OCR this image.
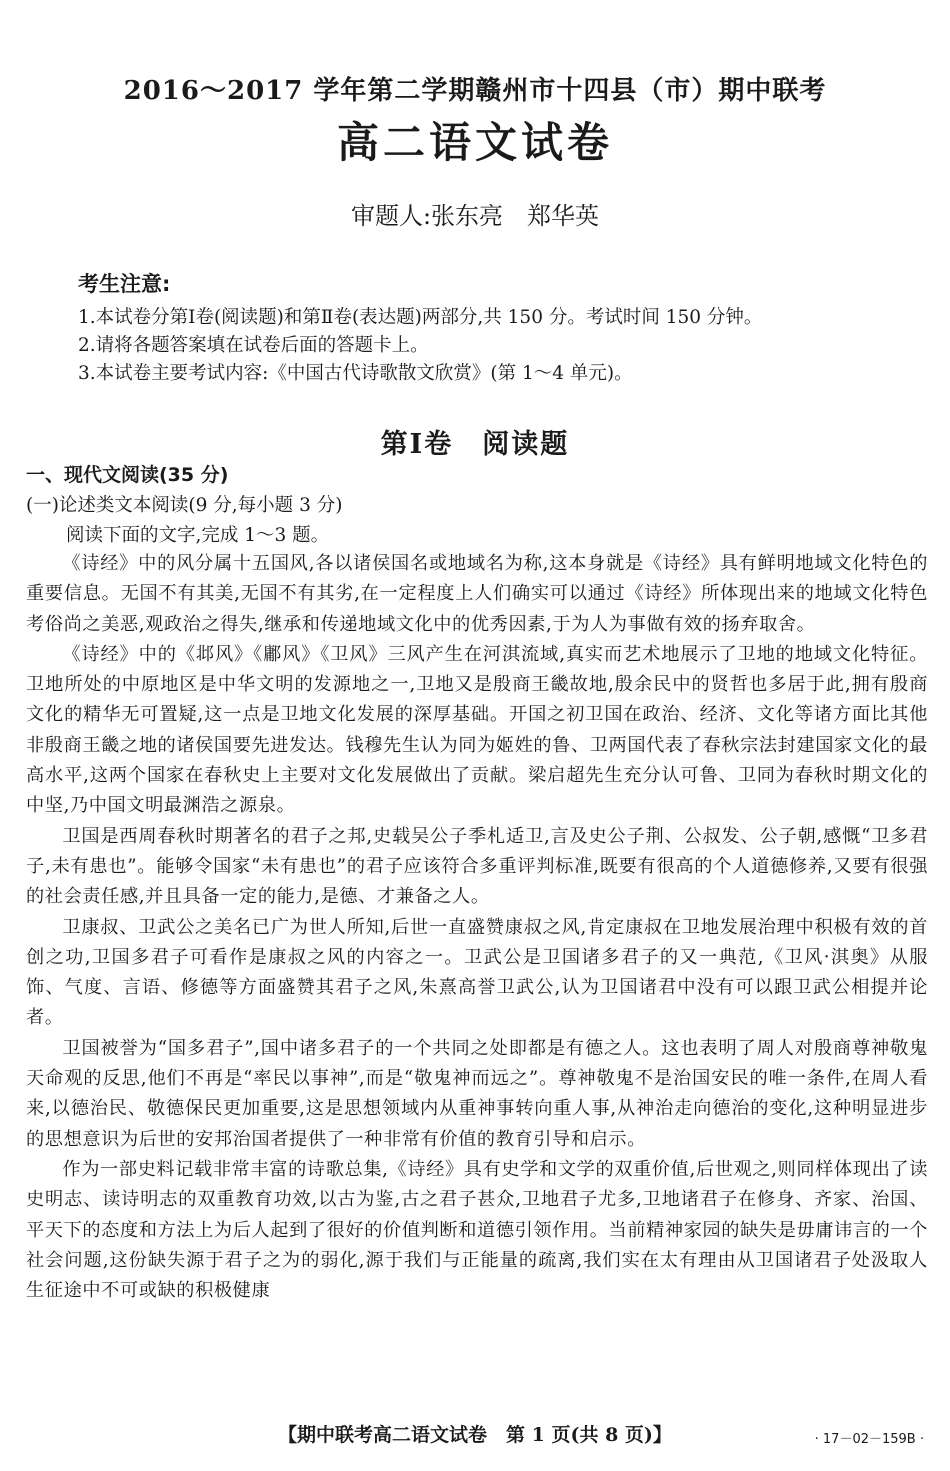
2016～2017 学年第二学期赣州市十四县（市）期中联考
高二语文试卷
审题人:张东亮　郑华英
考生注意:
1.本试卷分第Ⅰ卷(阅读题)和第Ⅱ卷(表达题)两部分,共 150 分。考试时间 150 分钟。
2.请将各题答案填在试卷后面的答题卡上。
3.本试卷主要考试内容:《中国古代诗歌散文欣赏》(第 1～4 单元)。
第Ⅰ卷　阅读题
一、现代文阅读(35 分)
(一)论述类文本阅读(9 分,每小题 3 分)
阅读下面的文字,完成 1～3 题。

《诗经》中的风分属十五国风,各以诸侯国名或地域名为称,这本身就是《诗经》具有鲜明地域文化特色的重要信息。无国不有其美,无国不有其劣,在一定程度上人们确实可以通过《诗经》所体现出来的地域文化特色考俗尚之美恶,观政治之得失,继承和传递地域文化中的优秀因素,于为人为事做有效的扬弃取舍。

《诗经》中的《邶风》《鄘风》《卫风》三风产生在河淇流域,真实而艺术地展示了卫地的地域文化特征。卫地所处的中原地区是中华文明的发源地之一,卫地又是殷商王畿故地,殷余民中的贤哲也多居于此,拥有殷商文化的精华无可置疑,这一点是卫地文化发展的深厚基础。开国之初卫国在政治、经济、文化等诸方面比其他非殷商王畿之地的诸侯国要先进发达。钱穆先生认为同为姬姓的鲁、卫两国代表了春秋宗法封建国家文化的最高水平,这两个国家在春秋史上主要对文化发展做出了贡献。梁启超先生充分认可鲁、卫同为春秋时期文化的中坚,乃中国文明最渊浩之源泉。

卫国是西周春秋时期著名的君子之邦,史载吴公子季札适卫,言及史公子荆、公叔发、公子朝,感慨“卫多君子,未有患也”。能够令国家“未有患也”的君子应该符合多重评判标准,既要有很高的个人道德修养,又要有很强的社会责任感,并且具备一定的能力,是德、才兼备之人。

卫康叔、卫武公之美名已广为世人所知,后世一直盛赞康叔之风,肯定康叔在卫地发展治理中积极有效的首创之功,卫国多君子可看作是康叔之风的内容之一。卫武公是卫国诸多君子的又一典范,《卫风·淇奥》从服饰、气度、言语、修德等方面盛赞其君子之风,朱熹高誉卫武公,认为卫国诸君中没有可以跟卫武公相提并论者。

卫国被誉为“国多君子”,国中诸多君子的一个共同之处即都是有德之人。这也表明了周人对殷商尊神敬鬼天命观的反思,他们不再是“率民以事神”,而是“敬鬼神而远之”。尊神敬鬼不是治国安民的唯一条件,在周人看来,以德治民、敬德保民更加重要,这是思想领域内从重神事转向重人事,从神治走向德治的变化,这种明显进步的思想意识为后世的安邦治国者提供了一种非常有价值的教育引导和启示。

作为一部史料记载非常丰富的诗歌总集,《诗经》具有史学和文学的双重价值,后世观之,则同样体现出了读史明志、读诗明志的双重教育功效,以古为鉴,古之君子甚众,卫地君子尤多,卫地诸君子在修身、齐家、治国、平天下的态度和方法上为后人起到了很好的价值判断和道德引领作用。当前精神家园的缺失是毋庸讳言的一个社会问题,这份缺失源于君子之为的弱化,源于我们与正能量的疏离,我们实在太有理由从卫国诸君子处汲取人生征途中不可或缺的积极健康

【期中联考高二语文试卷　第 1 页(共 8 页)】	· 17－02－159B ·
